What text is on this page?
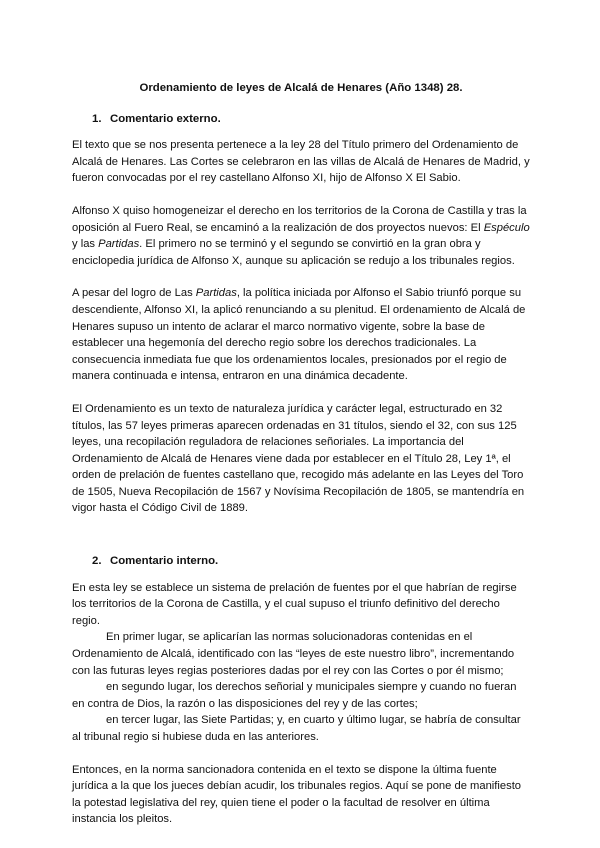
Ordenamiento de leyes de Alcalá de Henares (Año 1348) 28.
1. Comentario externo.

El texto que se nos presenta pertenece a la ley 28 del Título primero del Ordenamiento de Alcalá de Henares. Las Cortes se celebraron en las villas de Alcalá de Henares de Madrid, y fueron convocadas por el rey castellano Alfonso XI, hijo de Alfonso X El Sabio.

Alfonso X quiso homogeneizar el derecho en los territorios de la Corona de Castilla y tras la oposición al Fuero Real, se encaminó a la realización de dos proyectos nuevos: El Espéculo y las Partidas. El primero no se terminó y el segundo se convirtió en la gran obra y enciclopedia jurídica de Alfonso X, aunque su aplicación se redujo a los tribunales regios.

A pesar del logro de Las Partidas, la política iniciada por Alfonso el Sabio triunfó porque su descendiente, Alfonso XI, la aplicó renunciando a su plenitud. El ordenamiento de Alcalá de Henares supuso un intento de aclarar el marco normativo vigente, sobre la base de establecer una hegemonía del derecho regio sobre los derechos tradicionales. La consecuencia inmediata fue que los ordenamientos locales, presionados por el regio de manera continuada e intensa, entraron en una dinámica decadente.

El Ordenamiento es un texto de naturaleza jurídica y carácter legal, estructurado en 32 títulos, las 57 leyes primeras aparecen ordenadas en 31 títulos, siendo el 32, con sus 125 leyes, una recopilación reguladora de relaciones señoriales. La importancia del Ordenamiento de Alcalá de Henares viene dada por establecer en el Título 28, Ley 1ª, el orden de prelación de fuentes castellano que, recogido más adelante en las Leyes del Toro de 1505, Nueva Recopilación de 1567 y Novísima Recopilación de 1805, se mantendría en vigor hasta el Código Civil de 1889.

2. Comentario interno.

En esta ley se establece un sistema de prelación de fuentes por el que habrían de regirse los territorios de la Corona de Castilla, y el cual supuso el triunfo definitivo del derecho regio.

En primer lugar, se aplicarían las normas solucionadoras contenidas en el Ordenamiento de Alcalá, identificado con las “leyes de este nuestro libro”, incrementando con las futuras leyes regias posteriores dadas por el rey con las Cortes o por él mismo;

en segundo lugar, los derechos señorial y municipales siempre y cuando no fueran en contra de Dios, la razón o las disposiciones del rey y de las cortes;

en tercer lugar, las Siete Partidas; y, en cuarto y último lugar, se habría de consultar al tribunal regio si hubiese duda en las anteriores.

Entonces, en la norma sancionadora contenida en el texto se dispone la última fuente jurídica a la que los jueces debían acudir, los tribunales regios. Aquí se pone de manifiesto la potestad legislativa del rey, quien tiene el poder o la facultad de resolver en última instancia los pleitos.
